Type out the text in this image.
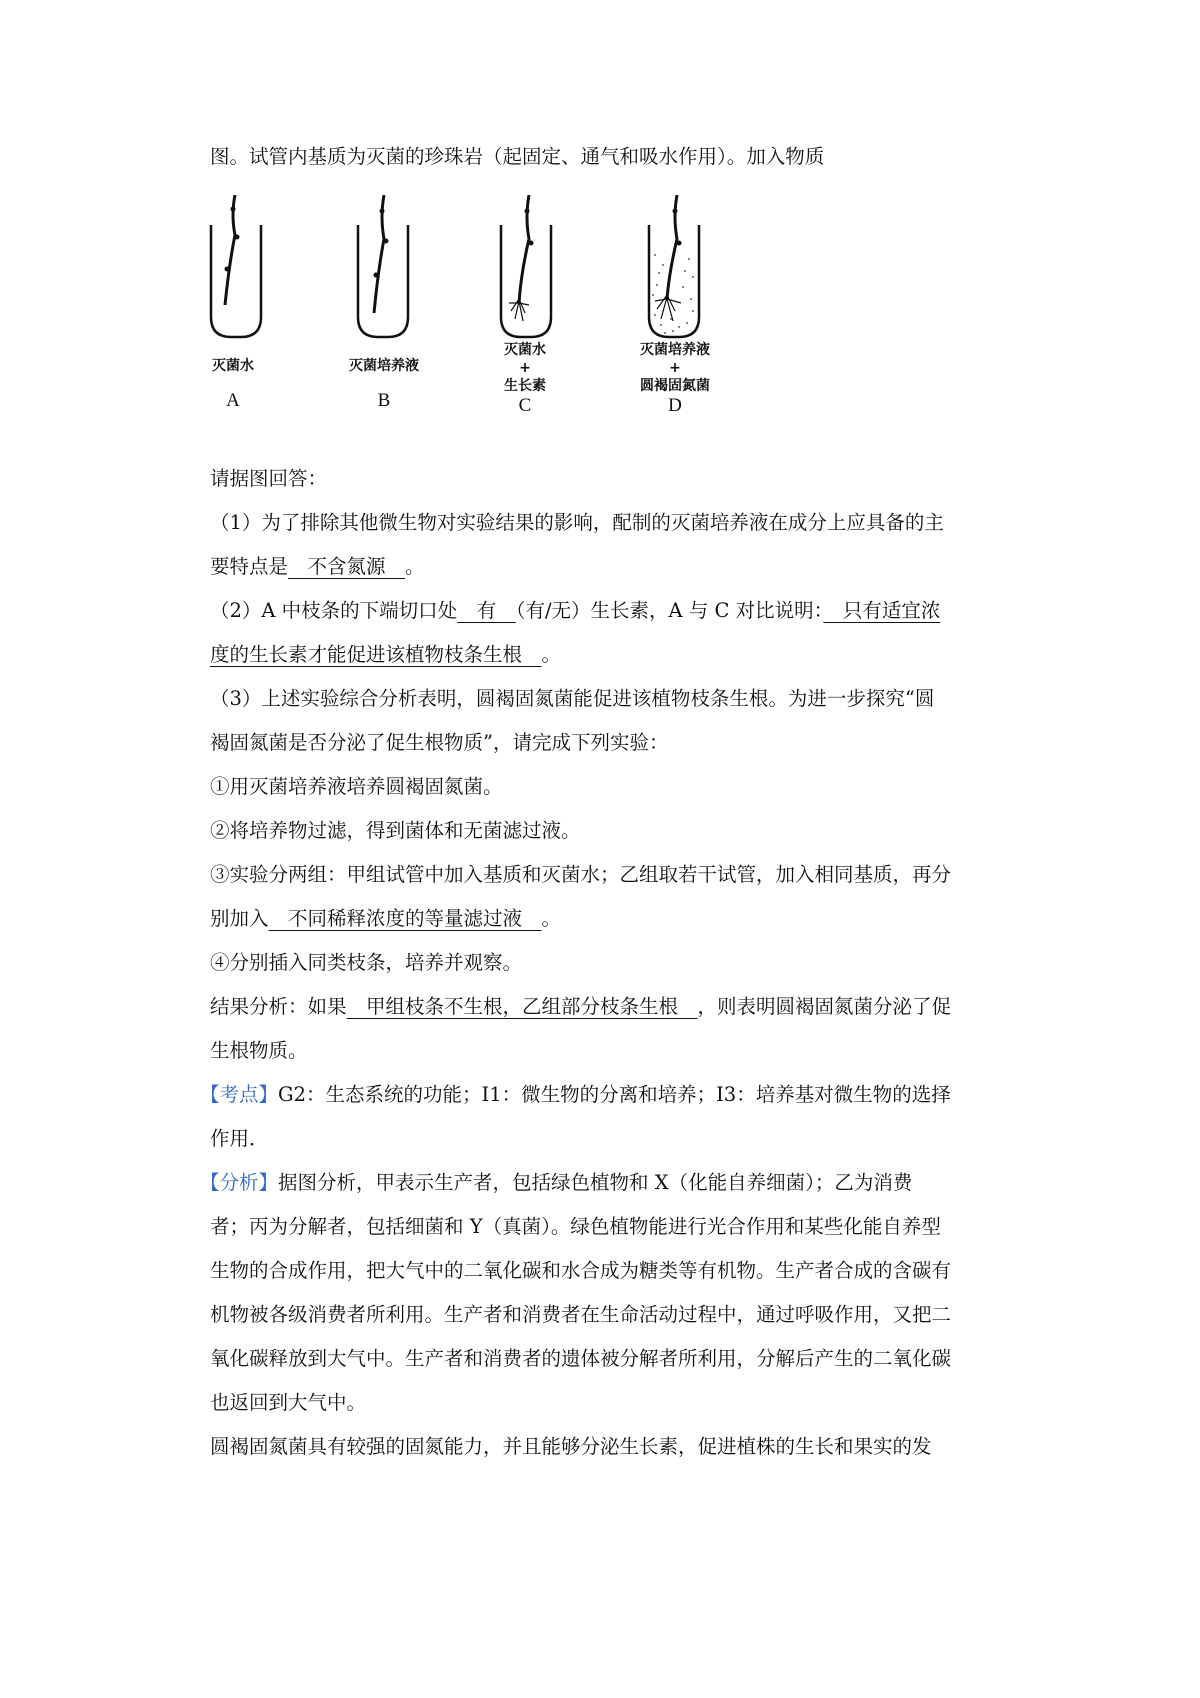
图。试管内基质为灭菌的珍珠岩（起固定、通气和吸水作用）。加入物质
灭菌水
A
灭菌培养液
B
灭菌水
+
生长素
C
灭菌培养液
+
圆褐固氮菌
D
请据图回答：
（1）为了排除其他微生物对实验结果的影响，配制的灭菌培养液在成分上应具备的主
要特点是　不含氮源　。
（2）A 中枝条的下端切口处　有　（有/无）生长素，A 与 C 对比说明：　只有适宜浓
度的生长素才能促进该植物枝条生根　。
（3）上述实验综合分析表明，圆褐固氮菌能促进该植物枝条生根。为进一步探究“圆
褐固氮菌是否分泌了促生根物质”，请完成下列实验：
①用灭菌培养液培养圆褐固氮菌。
②将培养物过滤，得到菌体和无菌滤过液。
③实验分两组：甲组试管中加入基质和灭菌水；乙组取若干试管，加入相同基质，再分
别加入　不同稀释浓度的等量滤过液　。
④分别插入同类枝条，培养并观察。
结果分析：如果　甲组枝条不生根，乙组部分枝条生根　，则表明圆褐固氮菌分泌了促
生根物质。
【考点】G2：生态系统的功能；I1：微生物的分离和培养；I3：培养基对微生物的选择
作用．
【分析】据图分析，甲表示生产者，包括绿色植物和 X（化能自养细菌）；乙为消费
者；丙为分解者，包括细菌和 Y（真菌）。绿色植物能进行光合作用和某些化能自养型
生物的合成作用，把大气中的二氧化碳和水合成为糖类等有机物。生产者合成的含碳有
机物被各级消费者所利用。生产者和消费者在生命活动过程中，通过呼吸作用，又把二
氧化碳释放到大气中。生产者和消费者的遗体被分解者所利用，分解后产生的二氧化碳
也返回到大气中。
圆褐固氮菌具有较强的固氮能力，并且能够分泌生长素，促进植株的生长和果实的发
